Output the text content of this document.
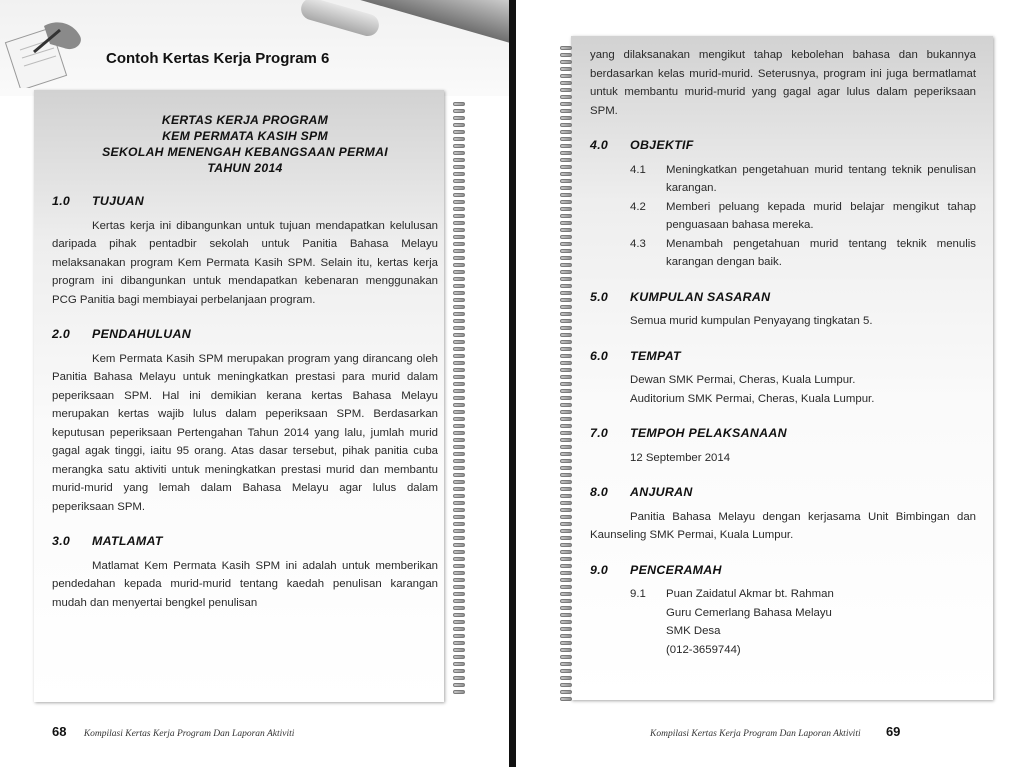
Contoh Kertas Kerja Program 6
KERTAS KERJA PROGRAM
KEM PERMATA KASIH SPM
SEKOLAH MENENGAH KEBANGSAAN PERMAI
TAHUN 2014
1.0 TUJUAN

Kertas kerja ini dibangunkan untuk tujuan mendapatkan kelulusan daripada pihak pentadbir sekolah untuk Panitia Bahasa Melayu melaksanakan program Kem Permata Kasih SPM. Selain itu, kertas kerja program ini dibangunkan untuk mendapatkan kebenaran menggunakan PCG Panitia bagi membiayai perbelanjaan program.

2.0 PENDAHULUAN

Kem Permata Kasih SPM merupakan program yang dirancang oleh Panitia Bahasa Melayu untuk meningkatkan prestasi para murid dalam peperiksaan SPM. Hal ini demikian kerana kertas Bahasa Melayu merupakan kertas wajib lulus dalam peperiksaan SPM. Berdasarkan keputusan peperiksaan Pertengahan Tahun 2014 yang lalu, jumlah murid gagal agak tinggi, iaitu 95 orang. Atas dasar tersebut, pihak panitia cuba merangka satu aktiviti untuk meningkatkan prestasi murid dan membantu murid-murid yang lemah dalam Bahasa Melayu agar lulus dalam peperiksaan SPM.

3.0 MATLAMAT

Matlamat Kem Permata Kasih SPM ini adalah untuk memberikan pendedahan kepada murid-murid tentang kaedah penulisan karangan mudah dan menyertai bengkel penulisan

68 Kompilasi Kertas Kerja Program Dan Laporan Aktiviti

yang dilaksanakan mengikut tahap kebolehan bahasa dan bukannya berdasarkan kelas murid-murid. Seterusnya, program ini juga bermatlamat untuk membantu murid-murid yang gagal agar lulus dalam peperiksaan SPM.

4.0 OBJEKTIF
4.1	Meningkatkan pengetahuan murid tentang teknik penulisan karangan.
4.2	Memberi peluang kepada murid belajar mengikut tahap penguasaan bahasa mereka.
4.3	Menambah pengetahuan murid tentang teknik menulis karangan dengan baik.
5.0 KUMPULAN SASARAN

Semua murid kumpulan Penyayang tingkatan 5.

6.0 TEMPAT

Dewan SMK Permai, Cheras, Kuala Lumpur.

Auditorium SMK Permai, Cheras, Kuala Lumpur.

7.0 TEMPOH PELAKSANAAN

12 September 2014

8.0 ANJURAN

Panitia Bahasa Melayu dengan kerjasama Unit Bimbingan dan Kaunseling SMK Permai, Kuala Lumpur.

9.0 PENCERAMAH
9.1	Puan Zaidatul Akmar bt. Rahman

Guru Cemerlang Bahasa Melayu

SMK Desa

(012-3659744)

Kompilasi Kertas Kerja Program Dan Laporan Aktiviti 69
